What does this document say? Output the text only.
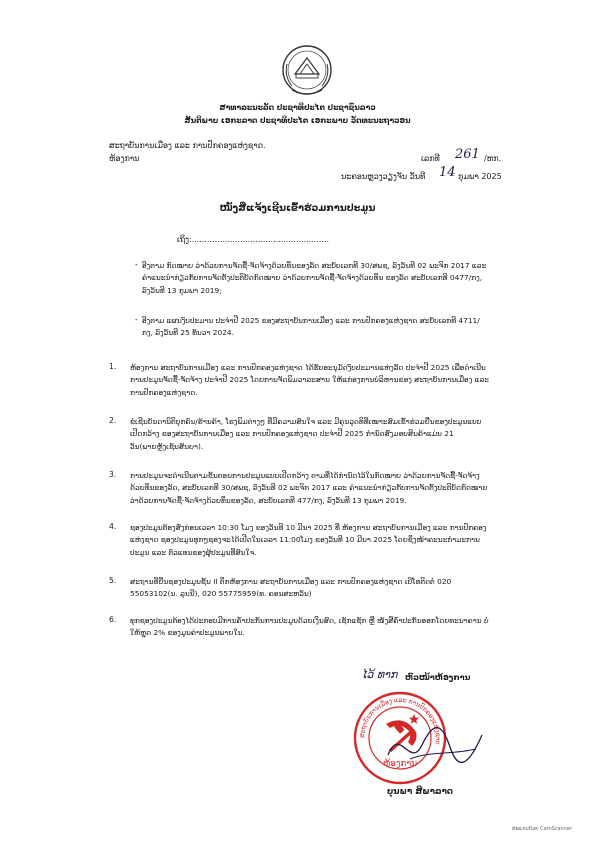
ສາທາລະນະລັດ ປະຊາທິປະໄຕ ປະຊາຊົນລາວ
ສັນຕິພາບ ເອກະລາດ ປະຊາທິປະໄຕ ເອກະພາບ ວັດທະນະຖາວອນ
ສະຖາບັນການເມືອງ ແລະ ການປົກຄອງແຫ່ງຊາດ.
ຫ້ອງການ	ເລກທີ 261 /ຫກ.
ນະຄອນຫຼວງວຽງຈັນ ວັນທີ 14 ກຸມພາ 2025
ໜັງສືແຈ້ງເຊີນເຂົ້າຮ່ວມການປະມູນ
ເຖິງ:......................................................
- ອີງຕາມ ກົດໝາຍ ວ່າດ້ວຍການຈັດຊື້-ຈັດຈ້າງດ້ວຍທຶນຂອງລັດ ສະບັບເລກທີ 30/ສພຊ, ລົງວັນທີ 02 ພະຈິກ 2017 ແລະ ຄຳແນະນຳກ່ຽວກັບການຈັດຕັ້ງປະຕິບັດກົດໝາຍ ວ່າດ້ວຍການຈັດຊື້-ຈັດຈ້າງດ້ວຍທຶນ ຂອງລັດ ສະບັບເລກທີ 0477/ກງ, ລົງວັນທີ 13 ກຸມພາ 2019;
- ອີງຕາມ ແຜນງົບປະມານ ປະຈຳປີ 2025 ຂອງສະຖາບັນການເມືອງ ແລະ ການປົກຄອງແຫ່ງຊາດ ສະບັບເລກທີ 4711/ກງ, ລົງວັນທີ 25 ທັນວາ 2024.
1. ຫ້ອງການ ສະຖາບັນການເມືອງ ແລະ ການປົກຄອງແຫ່ງຊາດ ໄດ້ຮັບອະນຸມັດງົບປະມານແຫ່ງລັດ ປະຈຳປີ 2025 ເພື່ອດຳເນີນການປະມູນຈັດຊື້-ຈັດຈ້າງ ປະຈຳປີ 2025 ໂດຍການຈັດພິມວາລະສານ ໃຫ້ແກ່ອງການບໍລິຫານຂອງ ສະຖາບັນການເມືອງ ແລະ ການປົກຄອງແຫ່ງຊາດ.
2. ຂໍເຊີນບັນດານິຕິບຸກຄົນ/ຮ້ານຄ້າ, ໂຮງພິມຕ່າງໆ ທີ່ມີຄວາມສົນໃຈ ແລະ ມີຄຸນວຸດທິທີ່ເໝາະສົມເຂົ້າຮ່ວມຍື່ນຂອງປະມູນແບບເປີດກວ້າງ ຂອງສະຖາບັນການເມືອງ ແລະ ການປົກຄອງແຫ່ງຊາດ ປະຈຳປີ 2025 ກຳນົດສົ່ງມອບສິນຄ້າແມ່ນ 21 ວັນ(ພາຍຫຼັງເຊັນສັນຍາ).
3. ການປະມູນຈະດຳເນີນຕາມຂັ້ນຕອນການປະມູນແບບເປີດກວ້າງ ຕາມທີ່ໄດ້ກຳນົດໄວ້ໃນກົດໝາຍ ວ່າດ້ວຍການຈັດຊື້-ຈັດຈ້າງດ້ວຍທຶນຂອງລັດ, ສະບັບເລກທີ 30/ສພຊ, ລົງວັນທີ 02 ພະຈິກ 2017 ແລະ ຄຳແນະນຳກ່ຽວກັບການຈັດຕັ້ງປະຕິບັດກົດໝາຍ ວ່າດ້ວຍການຈັດຊື້-ຈັດຈ້າງດ້ວຍທຶນຂອງລັດ, ສະບັບເລກທີ 477/ກງ, ລົງວັນທີ 13 ກຸມພາ 2019.
4. ຊອງປະມູນຕ້ອງສົ່ງກ່ອນເວລາ 10:30 ໂມງ ຂອງວັນທີ 10 ມີນາ 2025 ທີ່ ຫ້ອງການ ສະຖາບັນການເມືອງ ແລະ ການປົກຄອງແຫ່ງຊາດ ຊອງປະມູນທຸກໆຊອງຈະໄດ້ເປີດໃນເວລາ 11:00ໂມງ ຂອງວັນທີ 10 ມີນາ 2025 ໂດຍຊິ່ງໜ້າຄະນະກຳມະການປະມູນ ແລະ ຕົວແທນຂອງຜູ້ປະມູນທີ່ສົນໃຈ.
5. ສະຖານທີ່ຍື່ນຊອງປະມູນຊັ້ນ II ຕຶກຫ້ອງການ ສະຖາບັນການເມືອງ ແລະ ການປົກຄອງແຫ່ງຊາດ ເບີໂທຕິດຕໍ່ 020 55053102(ນ. ລຸນນີ), 020 55775959(ທ. ຄອນສະຫວັນ)
6. ທຸກຊອງປະມູນຕ້ອງໄດ້ປະກອບມີການຄ້ຳປະກັນການປະມູນດ້ວຍເງິນສົດ, ເຊັກແຊັກ ຫຼື ໜັງສືຄ້ຳປະກັນອອກໂດຍທະນາຄານ ບໍ່ໃຫ້ຫຼຸດ 2% ຂອງມູນຄ່າປະມູນພາຍໃນ.
ໄວ້ ທາກ ຫົວໜ້າຫ້ອງການ
ສະຖາບັນການເມືອງ ແລະ ການປົກຄອງແຫ່ງຊາດ
ຫ້ອງການ
ບຸນພາ ສີພາລາດ
ສະແກນດ້ວຍ CamScanner
